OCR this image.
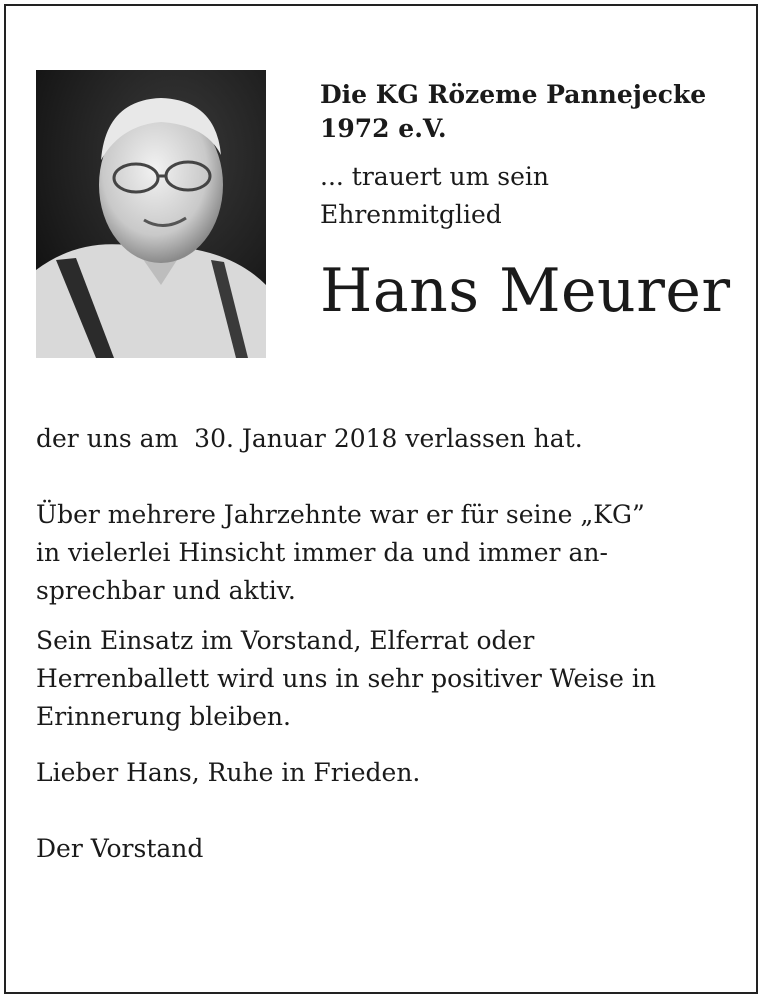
Die KG Rözeme Pannejecke
1972 e.V.

... trauert um sein
Ehrenmitglied

Hans Meurer

der uns am  30. Januar 2018 verlassen hat.

Über mehrere Jahrzehnte war er für seine „KG”
in vielerlei Hinsicht immer da und immer an-
sprechbar und aktiv.

Sein Einsatz im Vorstand, Elferrat oder
Herrenballett wird uns in sehr positiver Weise in
Erinnerung bleiben.

Lieber Hans, Ruhe in Frieden.

Der Vorstand
